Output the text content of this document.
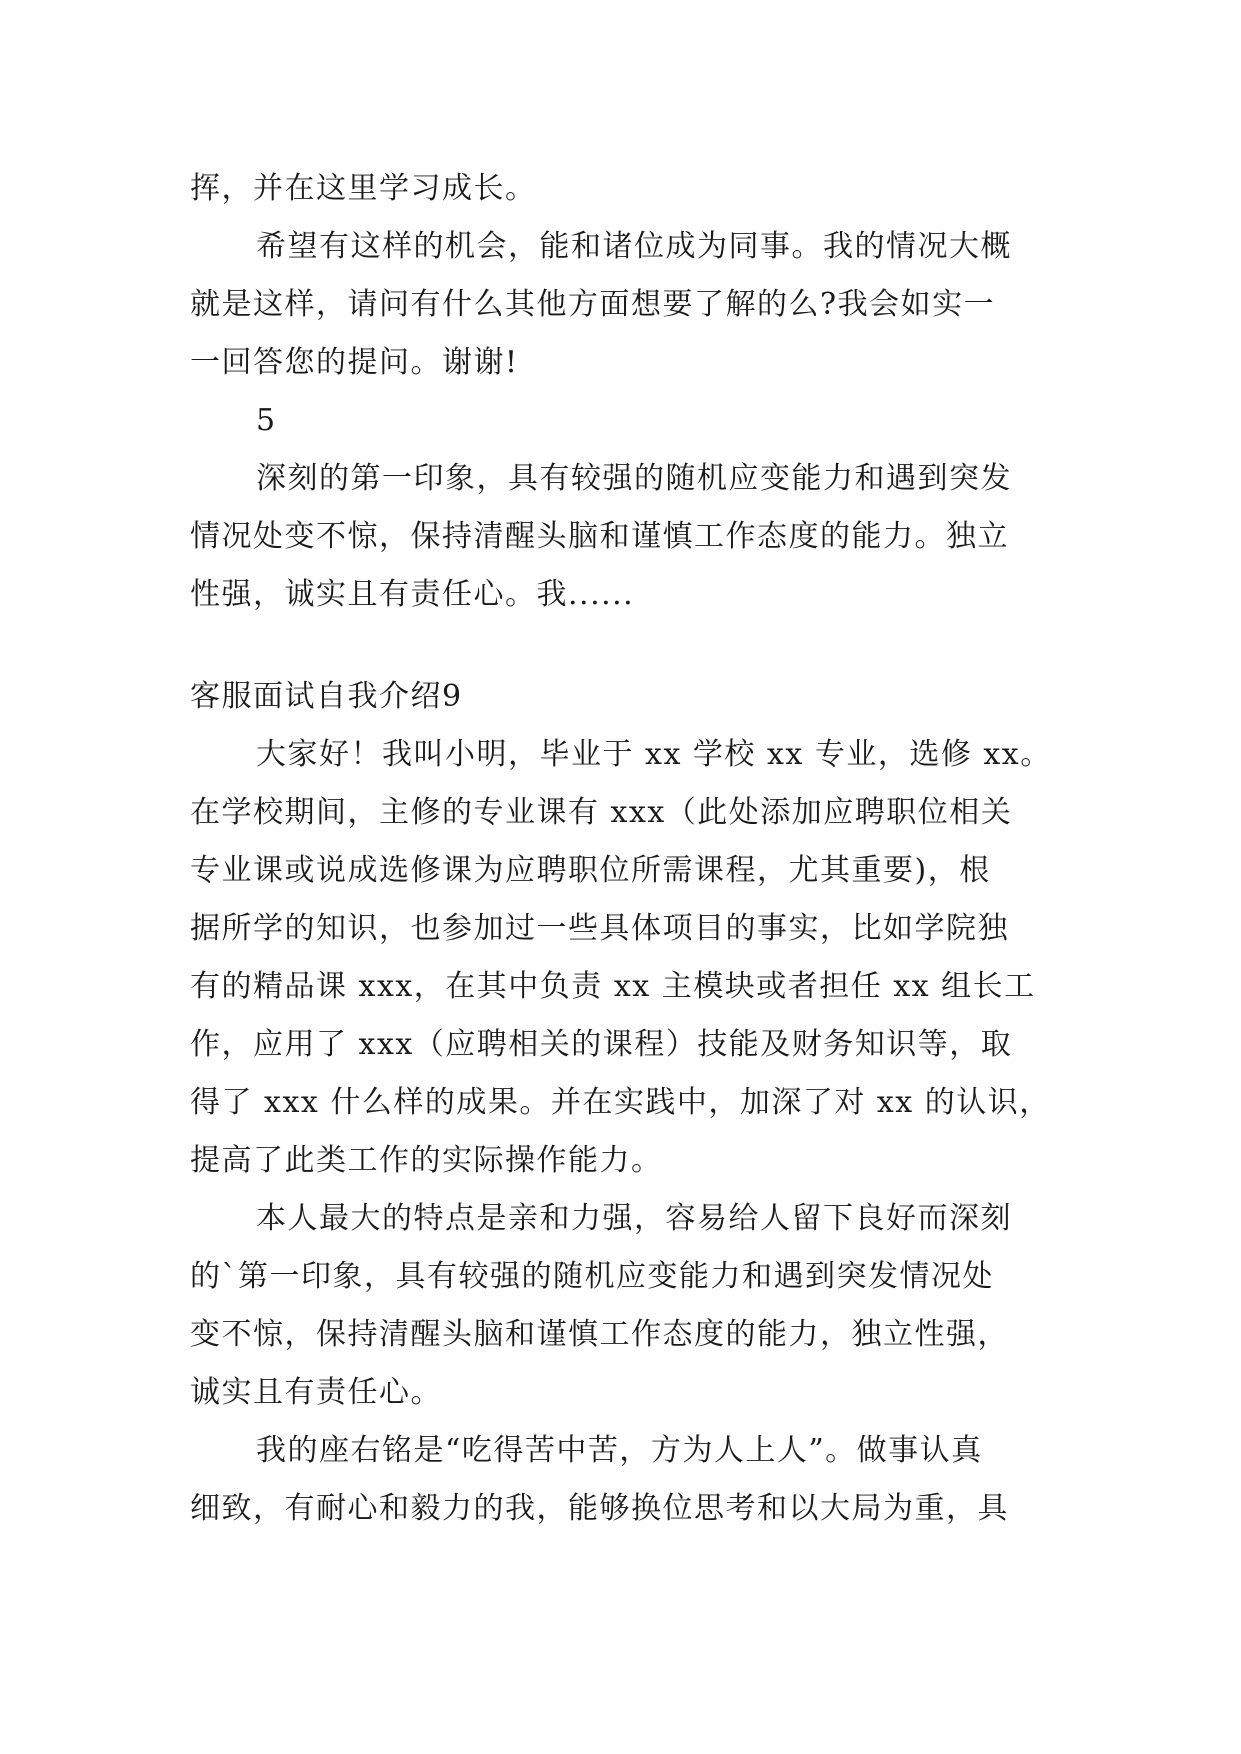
挥，并在这里学习成长。

希望有这样的机会，能和诸位成为同事。我的情况大概

就是这样，请问有什么其他方面想要了解的么?我会如实一

一回答您的提问。谢谢!

5

深刻的第一印象，具有较强的随机应变能力和遇到突发

情况处变不惊，保持清醒头脑和谨慎工作态度的能力。独立

性强，诚实且有责任心。我......

客服面试自我介绍9

大家好！我叫小明，毕业于 xx 学校 xx 专业，选修 xx。

在学校期间，主修的专业课有 xxx（此处添加应聘职位相关

专业课或说成选修课为应聘职位所需课程，尤其重要)，根

据所学的知识，也参加过一些具体项目的事实，比如学院独

有的精品课 xxx，在其中负责 xx 主模块或者担任 xx 组长工

作，应用了 xxx（应聘相关的课程）技能及财务知识等，取

得了 xxx 什么样的成果。并在实践中，加深了对 xx 的认识，

提高了此类工作的实际操作能力。

本人最大的特点是亲和力强，容易给人留下良好而深刻

的`第一印象，具有较强的随机应变能力和遇到突发情况处

变不惊，保持清醒头脑和谨慎工作态度的能力，独立性强，

诚实且有责任心。

我的座右铭是“吃得苦中苦，方为人上人”。做事认真

细致，有耐心和毅力的我，能够换位思考和以大局为重，具
